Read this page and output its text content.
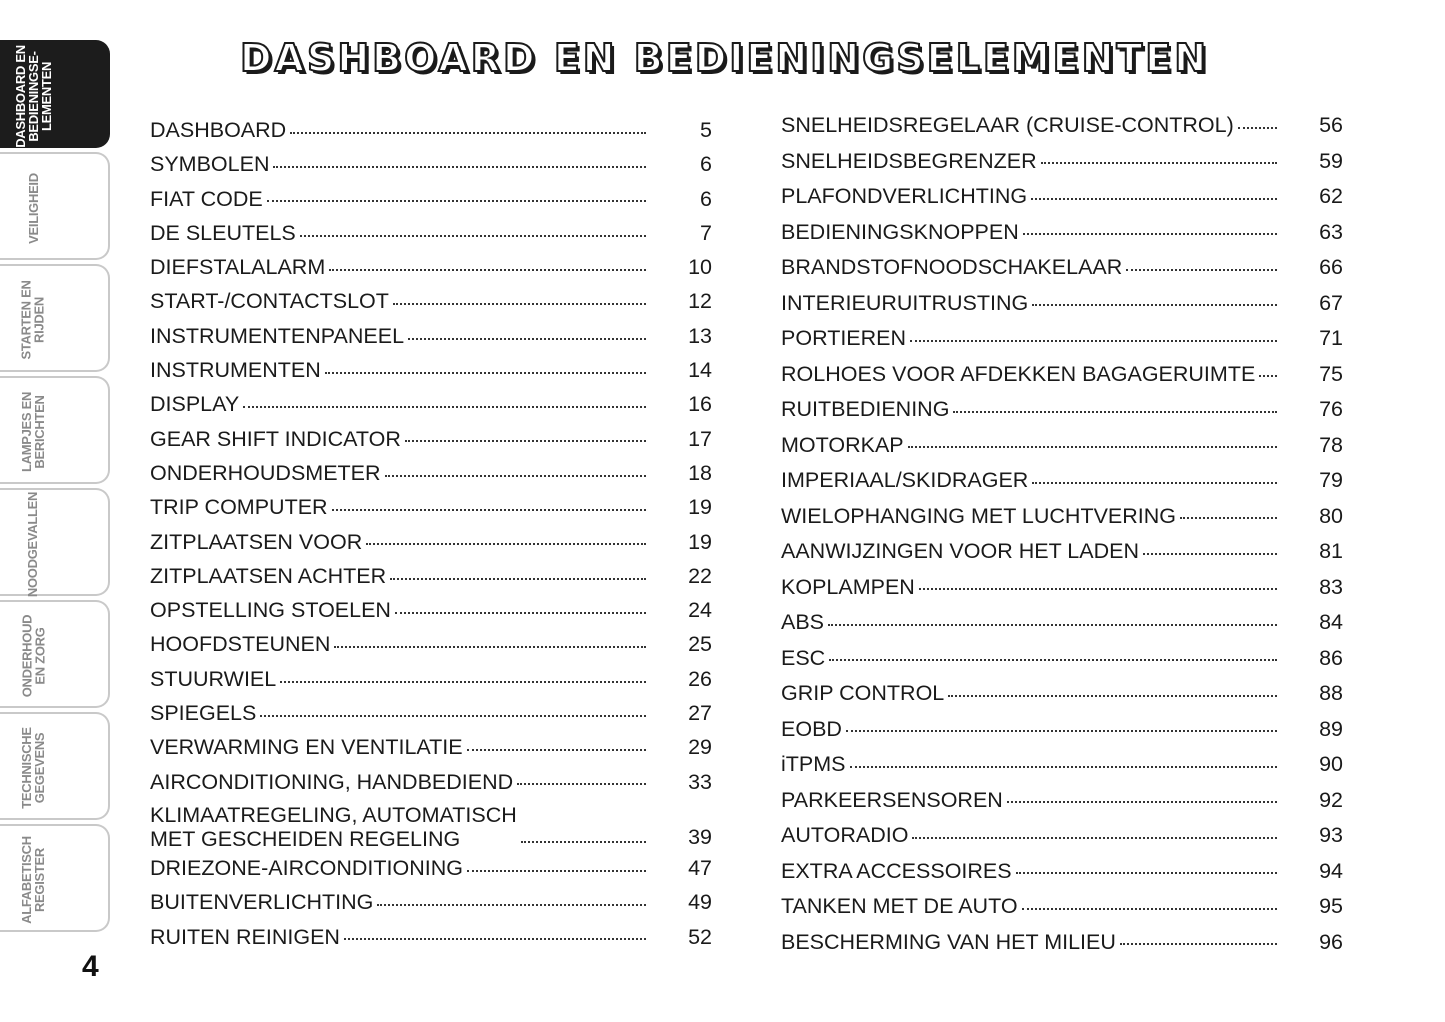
DASHBOARD EN
BEDIENINGSE-
LEMENTEN
VEILIGHEID
STARTEN EN
RIJDEN
LAMPJES EN
BERICHTEN
NOODGEVALLEN
ONDERHOUD
EN ZORG
TECHNISCHE
GEGEVENS
ALFABETISCH
REGISTER
4
DASHBOARD EN BEDIENINGSELEMENTEN
DASHBOARD	5
SYMBOLEN	6
FIAT CODE	6
DE SLEUTELS	7
DIEFSTALALARM	10
START-/CONTACTSLOT	12
INSTRUMENTENPANEEL	13
INSTRUMENTEN	14
DISPLAY	16
GEAR SHIFT INDICATOR	17
ONDERHOUDSMETER	18
TRIP COMPUTER	19
ZITPLAATSEN VOOR	19
ZITPLAATSEN ACHTER	22
OPSTELLING STOELEN	24
HOOFDSTEUNEN	25
STUURWIEL	26
SPIEGELS	27
VERWARMING EN VENTILATIE	29
AIRCONDITIONING, HANDBEDIEND	33
KLIMAATREGELING, AUTOMATISCH
MET GESCHEIDEN REGELING	39
DRIEZONE-AIRCONDITIONING	47
BUITENVERLICHTING	49
RUITEN REINIGEN	52
SNELHEIDSREGELAAR (CRUISE-CONTROL)	56
SNELHEIDSBEGRENZER	59
PLAFONDVERLICHTING	62
BEDIENINGSKNOPPEN	63
BRANDSTOFNOODSCHAKELAAR	66
INTERIEURUITRUSTING	67
PORTIEREN	71
ROLHOES VOOR AFDEKKEN BAGAGERUIMTE	75
RUITBEDIENING	76
MOTORKAP	78
IMPERIAAL/SKIDRAGER	79
WIELOPHANGING MET LUCHTVERING	80
AANWIJZINGEN VOOR HET LADEN	81
KOPLAMPEN	83
ABS	84
ESC	86
GRIP CONTROL	88
EOBD	89
iTPMS	90
PARKEERSENSOREN	92
AUTORADIO	93
EXTRA ACCESSOIRES	94
TANKEN MET DE AUTO	95
BESCHERMING VAN HET MILIEU	96
